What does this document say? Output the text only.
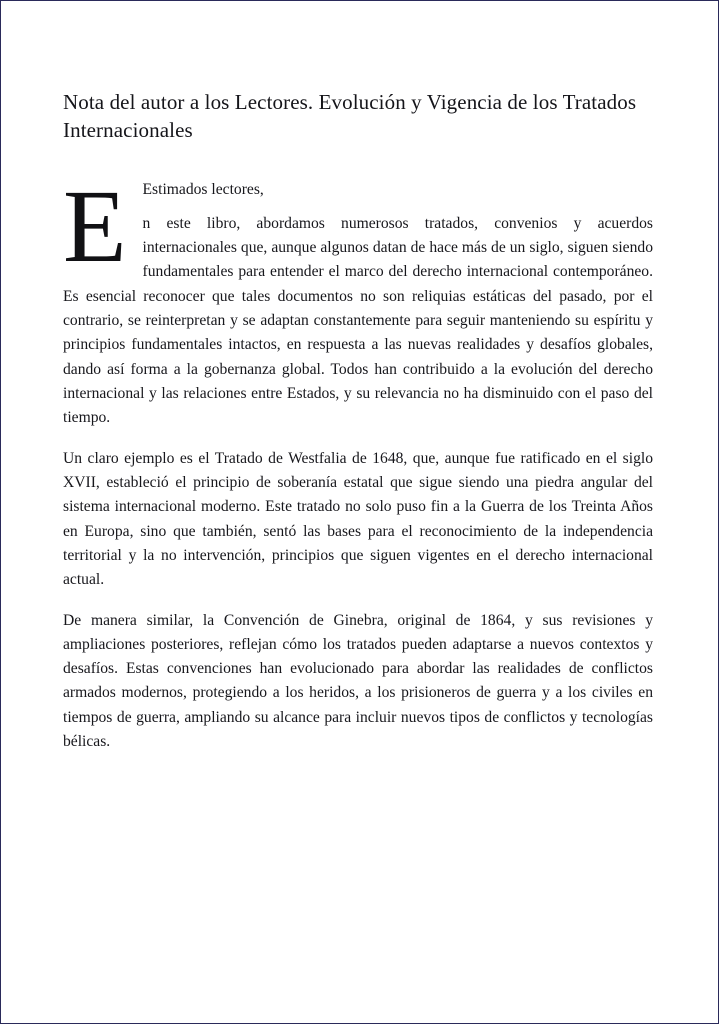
Nota del autor a los Lectores. Evolución y Vigencia de los Tratados Internacionales
E	Estimados lectores,

n este libro, abordamos numerosos tratados, convenios y acuerdos internacionales que, aunque algunos datan de hace más de un siglo, siguen siendo fundamentales para entender el marco del derecho internacional contemporáneo. Es esencial reconocer que tales documentos no son reliquias estáticas del pasado, por el contrario, se reinterpretan y se adaptan constantemente para seguir manteniendo su espíritu y principios fundamentales intactos, en respuesta a las nuevas realidades y desafíos globales, dando así forma a la gobernanza global. Todos han contribuido a la evolución del derecho internacional y las relaciones entre Estados, y su relevancia no ha disminuido con el paso del tiempo.

Un claro ejemplo es el Tratado de Westfalia de 1648, que, aunque fue ratificado en el siglo XVII, estableció el principio de soberanía estatal que sigue siendo una piedra angular del sistema internacional moderno. Este tratado no solo puso fin a la Guerra de los Treinta Años en Europa, sino que también, sentó las bases para el reconocimiento de la independencia territorial y la no intervención, principios que siguen vigentes en el derecho internacional actual.

De manera similar, la Convención de Ginebra, original de 1864, y sus revisiones y ampliaciones posteriores, reflejan cómo los tratados pueden adaptarse a nuevos contextos y desafíos. Estas convenciones han evolucionado para abordar las realidades de conflictos armados modernos, protegiendo a los heridos, a los prisioneros de guerra y a los civiles en tiempos de guerra, ampliando su alcance para incluir nuevos tipos de conflictos y tecnologías bélicas.
